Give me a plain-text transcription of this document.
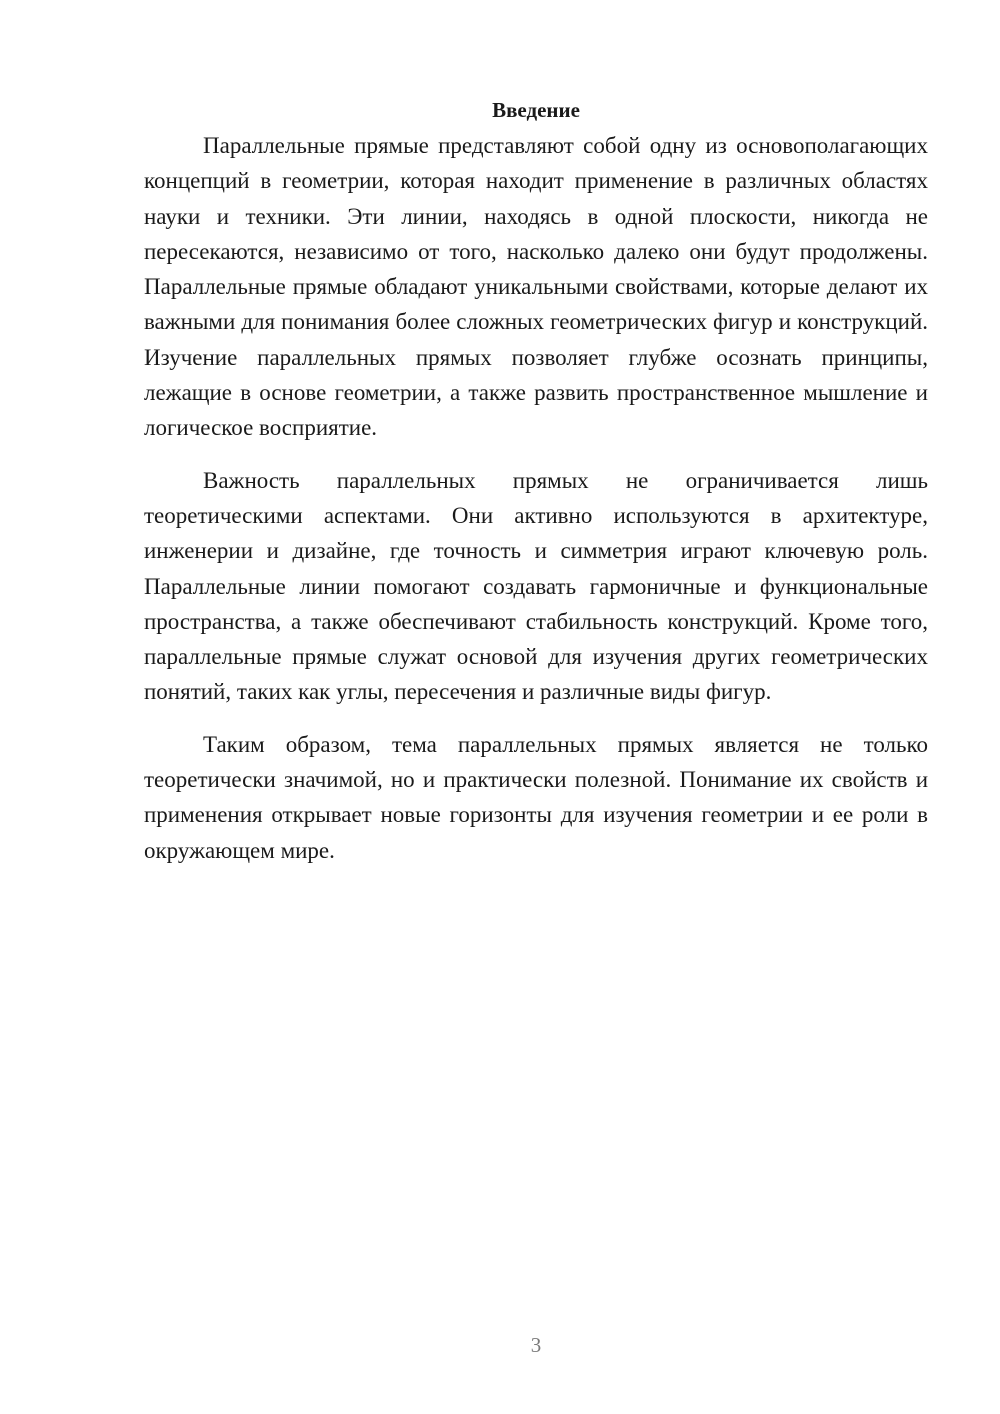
Введение

Параллельные прямые представляют собой одну из основополагающих концепций в геометрии, которая находит применение в различных областях науки и техники. Эти линии, находясь в одной плоскости, никогда не пересекаются, независимо от того, насколько далеко они будут продолжены. Параллельные прямые обладают уникальными свойствами, которые делают их важными для понимания более сложных геометрических фигур и конструкций. Изучение параллельных прямых позволяет глубже осознать принципы, лежащие в основе геометрии, а также развить пространственное мышление и логическое восприятие.

Важность параллельных прямых не ограничивается лишь теоретическими аспектами. Они активно используются в архитектуре, инженерии и дизайне, где точность и симметрия играют ключевую роль. Параллельные линии помогают создавать гармоничные и функциональные пространства, а также обеспечивают стабильность конструкций. Кроме того, параллельные прямые служат основой для изучения других геометрических понятий, таких как углы, пересечения и различные виды фигур.

Таким образом, тема параллельных прямых является не только теоретически значимой, но и практически полезной. Понимание их свойств и применения открывает новые горизонты для изучения геометрии и ее роли в окружающем мире.

3
